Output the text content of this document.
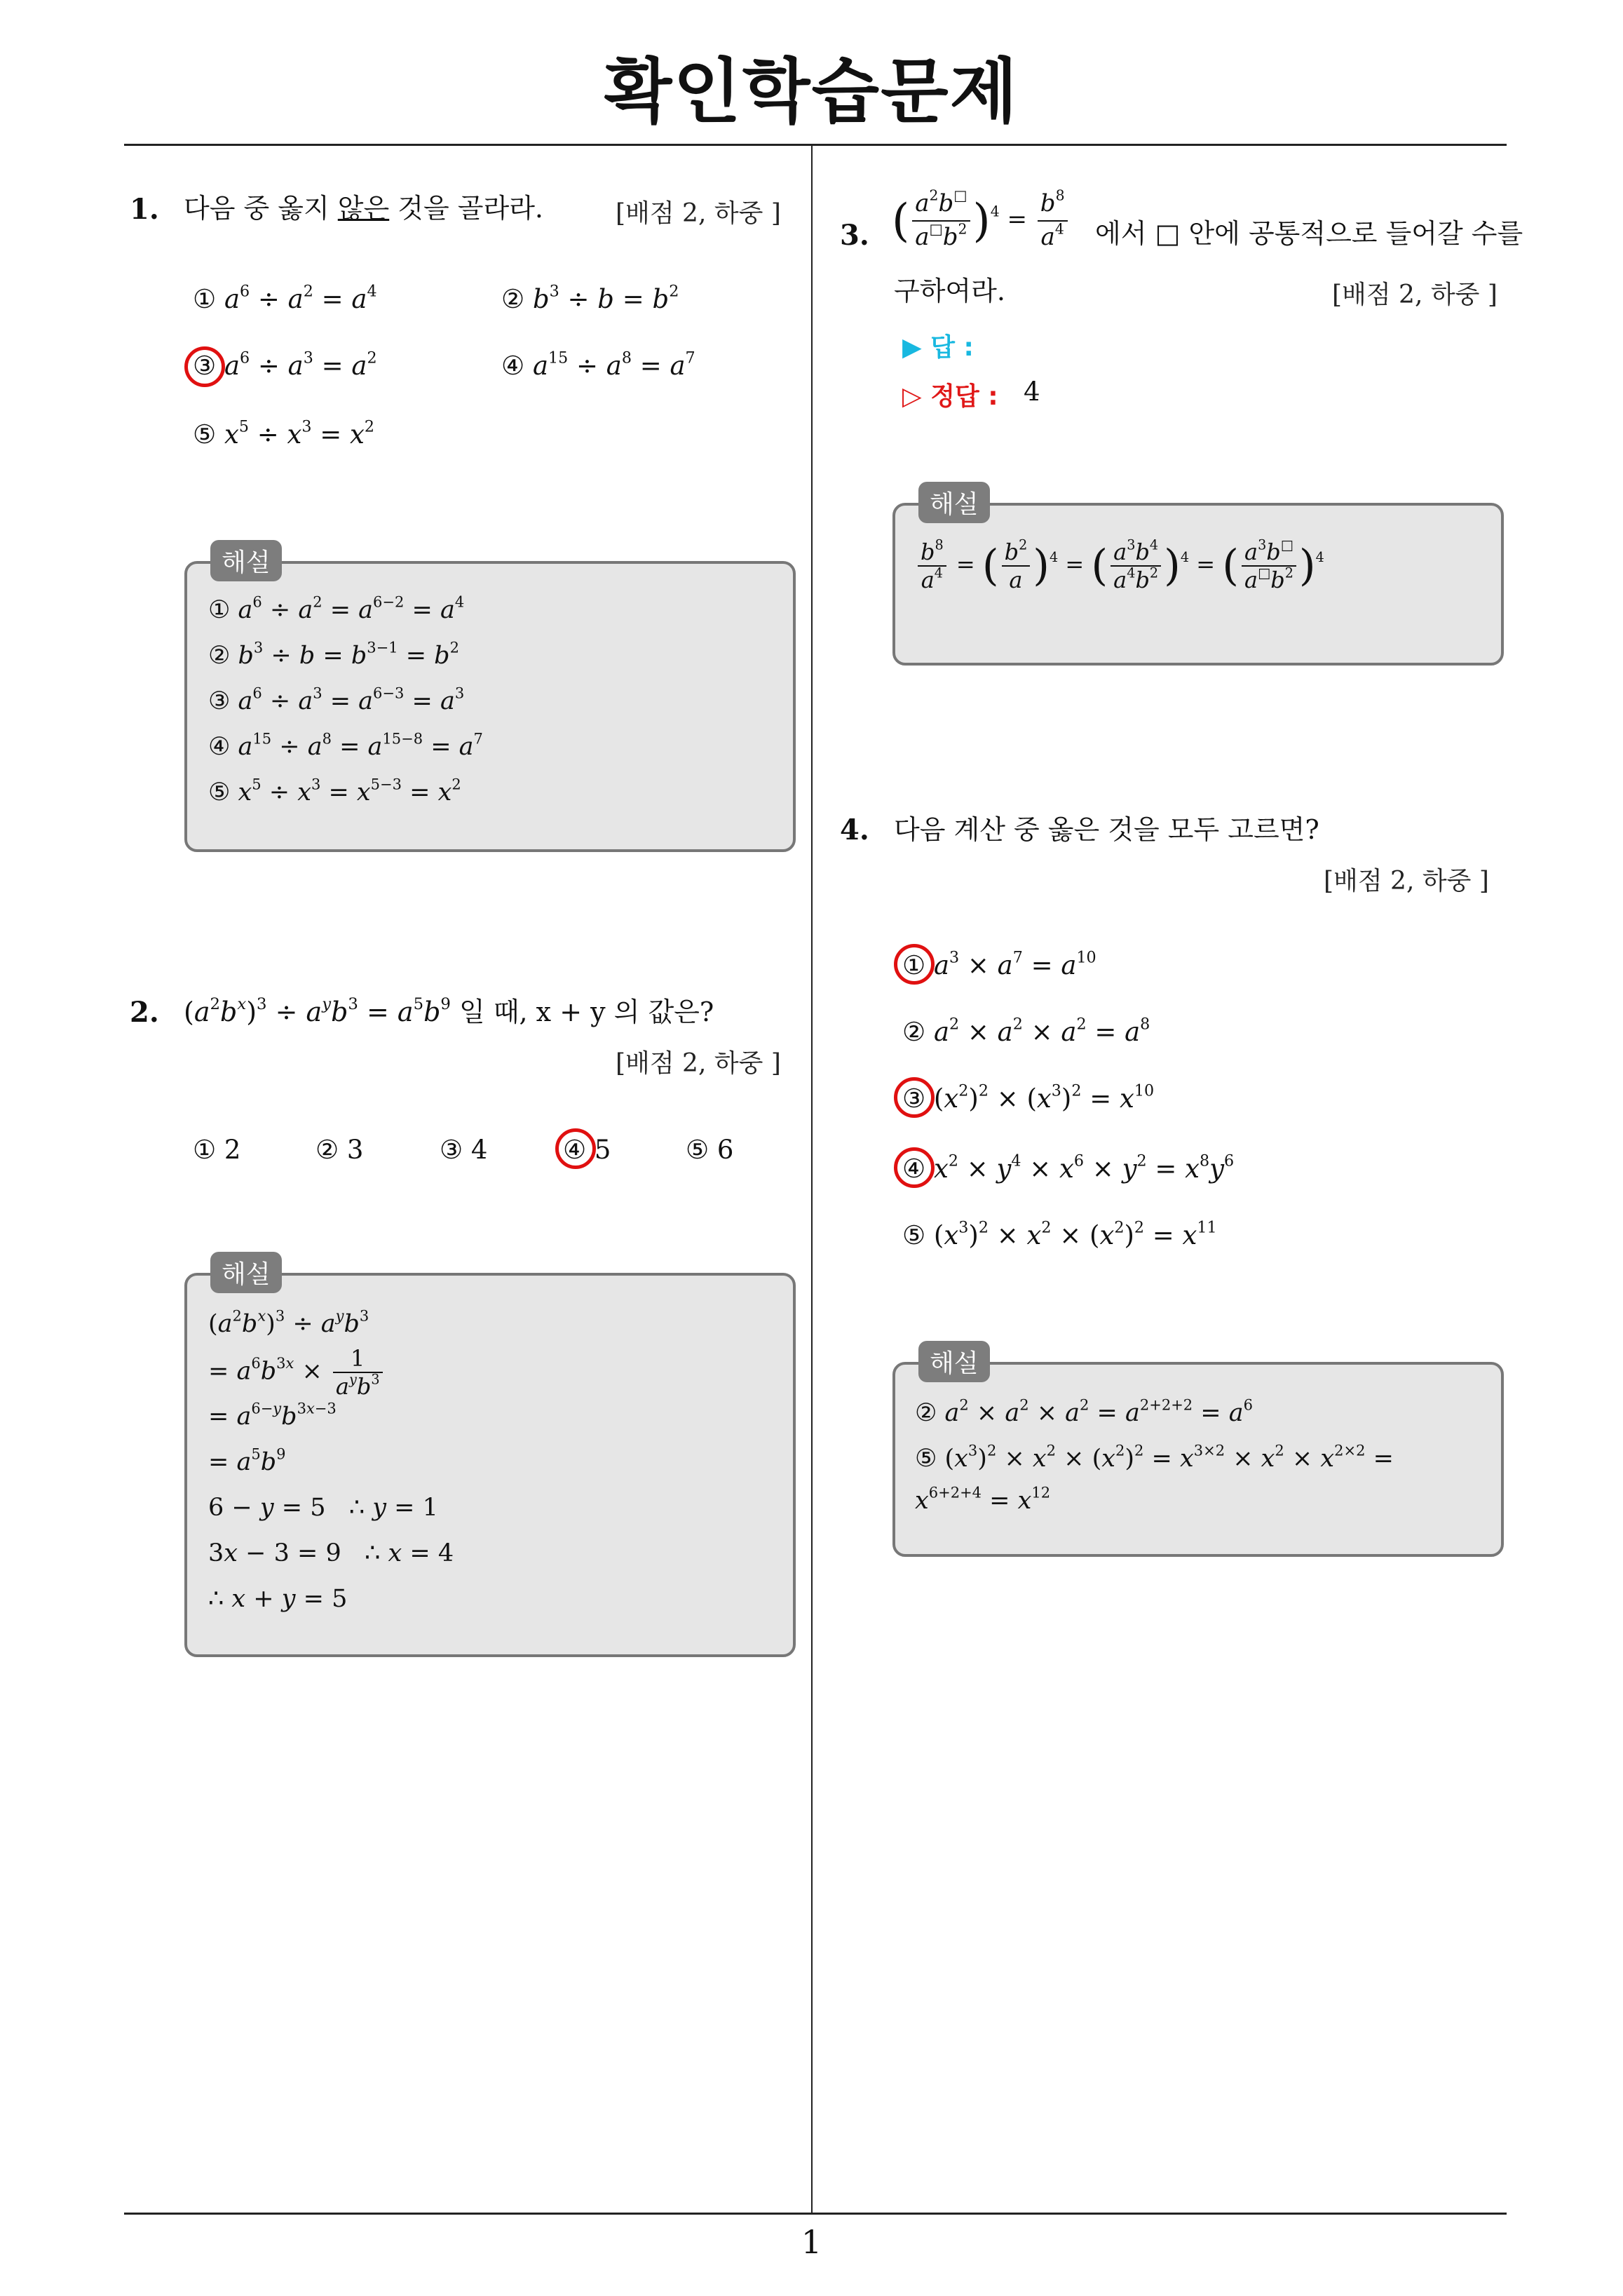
확인학습문제
1
1. 다음 중 옳지 않은 것을 골라라.	[배점 2, 하중 ]
① $a^6 \div a^2 = a^4$	② $b^3 \div b = b^2$
③ $a^6 \div a^3 = a^2$	④ $a^{15} \div a^8 = a^7$
⑤ $x^5 \div x^3 = x^2$
해설
① $a^6 \div a^2 = a^{6-2} = a^4$
② $b^3 \div b = b^{3-1} = b^2$
③ $a^6 \div a^3 = a^{6-3} = a^3$
④ $a^{15} \div a^8 = a^{15-8} = a^7$
⑤ $x^5 \div x^3 = x^{5-3} = x^2$
2. $(a^2b^x)^3 \div a^yb^3 = a^5b^9$ 일 때, x + y 의 값은?
[배점 2, 하중 ]
① 2	② 3	③ 4	④ 5	⑤ 6
해설
$(a^2b^x)^3 \div a^yb^3$
= $a^6b^{3x} \times \frac{1}{a^yb^3}$
= $a^{6-y}b^{3x-3}$
= $a^5b^9$
6 − y = 5   ∴ y = 1
3x − 3 = 9   ∴ x = 4
∴ x + y = 5
3. ( $\frac{a^2b^□}{a^□b^2} )^4 = \frac{b^8}{a^4}$ 에서 □ 안에 공통적으로 들어갈 수를
구하여라.	[배점 2, 하중 ]
▶ 답 :
▷ 정답 : 4
해설
$\frac{b^8}{a^4}$ = ( $\frac{b^2}{a} )^4$ = ( $\frac{a^3b^4}{a^4b^2} )^4$ = ( $\frac{a^3b^□}{a^□b^2} )^4$
4. 다음 계산 중 옳은 것을 모두 고르면?
[배점 2, 하중 ]
① $a^3 \times a^7 = a^{10}$
② $a^2 \times a^2 \times a^2 = a^8$
③ $(x^2)^2 \times (x^3)^2 = x^{10}$
④ $x^2 \times y^4 \times x^6 \times y^2 = x^8y^6$
⑤ $(x^3)^2 \times x^2 \times (x^2)^2 = x^{11}$
해설
② $a^2 \times a^2 \times a^2 = a^{2+2+2} = a^6$
⑤ $(x^3)^2 \times x^2 \times (x^2)^2 = x^{3\times 2} \times x^2 \times x^{2\times 2}$ =
$x^{6+2+4} = x^{12}$
